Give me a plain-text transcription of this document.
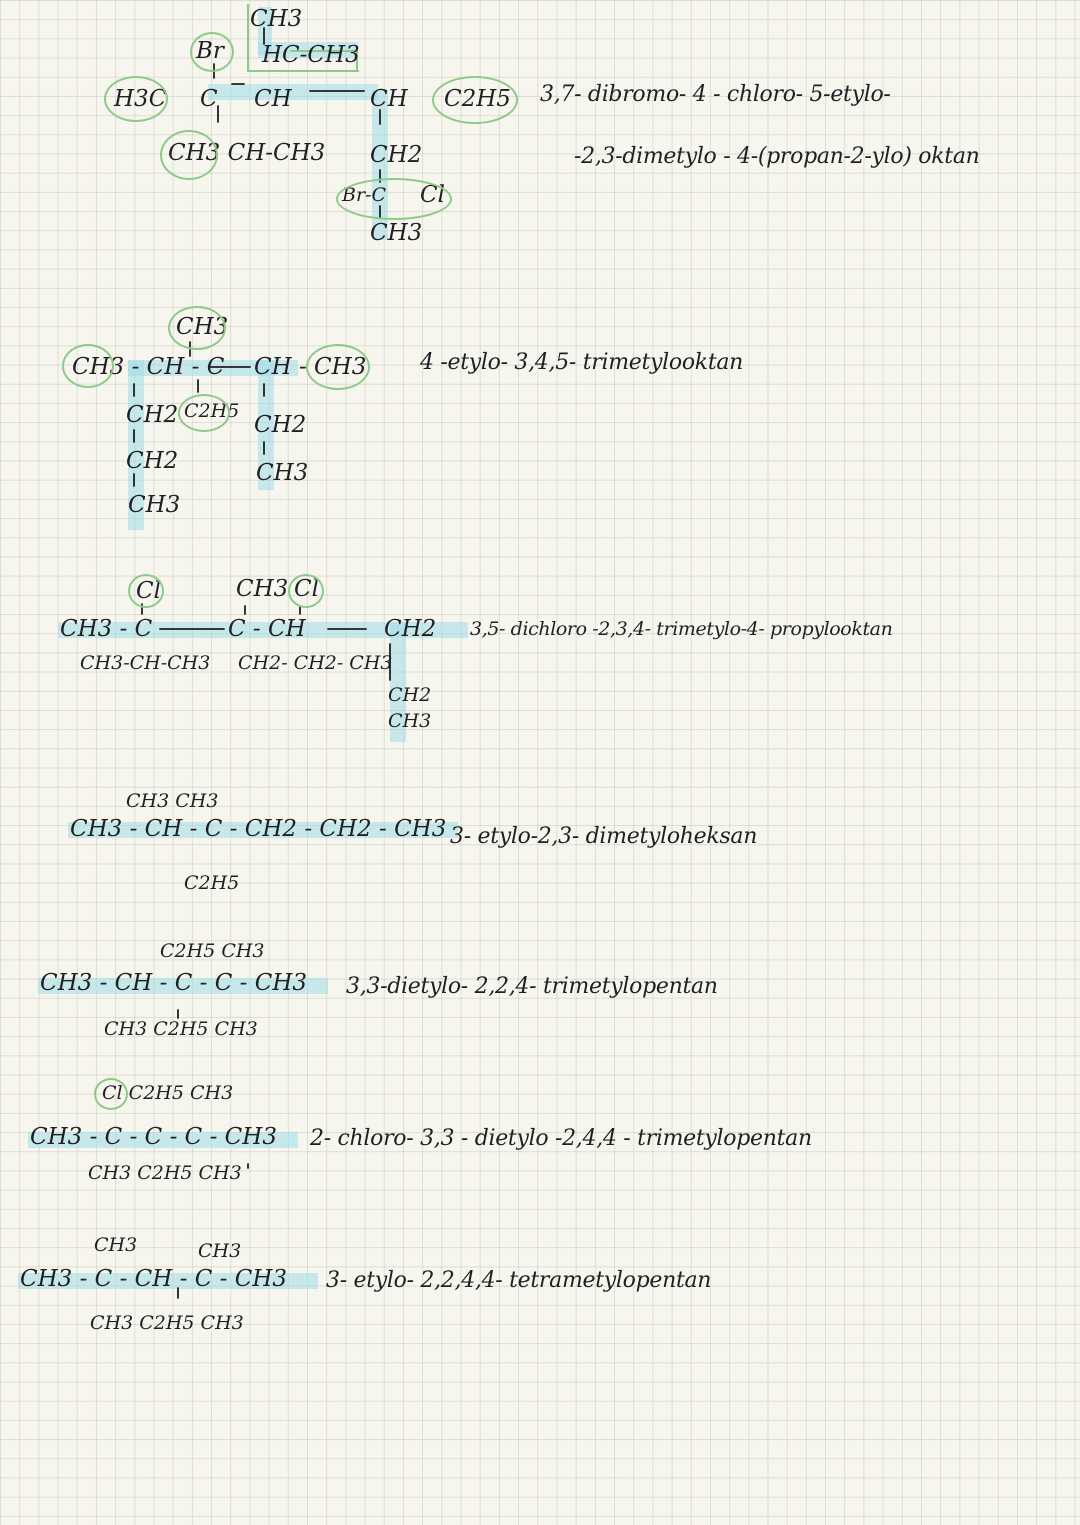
CH3
Br HC-CH3
H3C C CH	CH C2H5
CH3 CH-CH3 CH2
Br-C Cl
CH3
3,7- dibromo- 4 - chloro- 5-etylo-
-2,3-dimetylo - 4-(propan-2-ylo) oktan
CH3
CH3 - CH - C CH - CH3
C2H5
CH2
CH2
CH3
CH2
CH3
4 -etylo- 3,4,5- trimetylooktan
Cl
CH3 - C
CH3 Cl
C - CH	CH2
CH3-CH-CH3 CH2- CH2- CH3
CH2
CH3
3,5- dichloro -2,3,4- trimetylo-4- propylooktan
CH3 CH3
CH3 - CH - C - CH2 - CH2 - CH3
C2H5
3- etylo-2,3- dimetyloheksan
C2H5 CH3
CH3 - CH - C - C - CH3
CH3 C2H5 CH3
3,3-dietylo- 2,2,4- trimetylopentan
Cl C2H5 CH3
CH3 - C - C - C - CH3
CH3 C2H5 CH3
2- chloro- 3,3 - dietylo -2,4,4 - trimetylopentan
CH3	CH3
CH3 - C - CH - C - CH3
CH3 C2H5 CH3
3- etylo- 2,2,4,4- tetrametylopentan
